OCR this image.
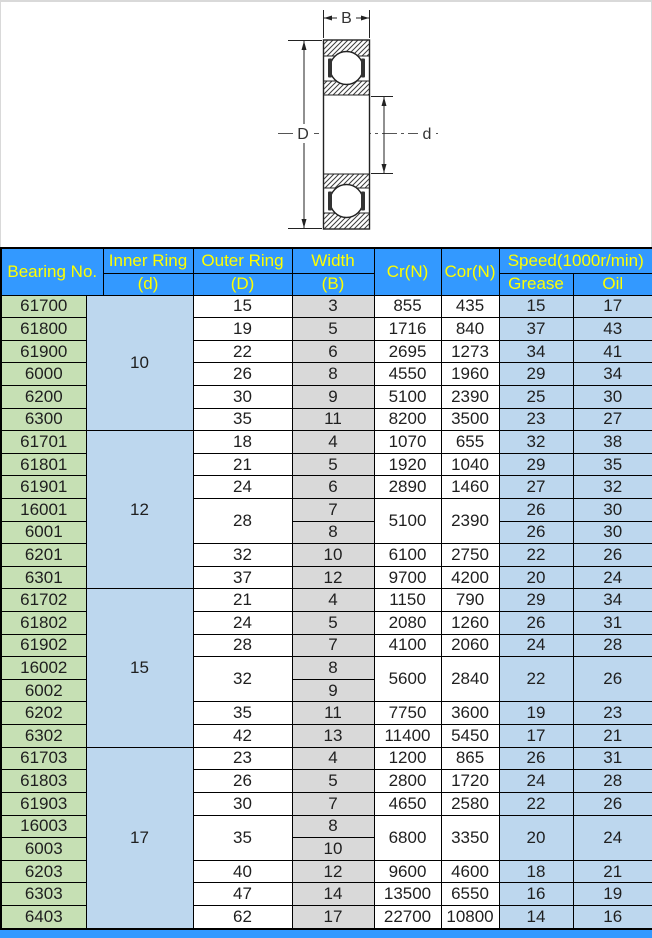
B
D	d
Bearing No.		Inner Ring	Outer Ring	Width	Cr(N)	Cor(N)	Speed(1000r/min)	
		(d)	(D)	(B)			Grease	Oil
61700	10		15	3	855	435	15	17
61800			19	5	1716	840	37	43
61900			22	6	2695	1273	34	41
6000			26	8	4550	1960	29	34
6200			30	9	5100	2390	25	30
6300			35	11	8200	3500	23	27
61701	12		18	4	1070	655	32	38
61801			21	5	1920	1040	29	35
61901			24	6	2890	1460	27	32
16001			28	7	5100	2390	26	30
6001				8			26	30
6201			32	10	6100	2750	22	26
6301			37	12	9700	4200	20	24
61702	15		21	4	1150	790	29	34
61802			24	5	2080	1260	26	31
61902			28	7	4100	2060	24	28
16002			32	8	5600	2840	22	26
6002				9				
6202			35	11	7750	3600	19	23
6302			42	13	11400	5450	17	21
61703	17		23	4	1200	865	26	31
61803			26	5	2800	1720	24	28
61903			30	7	4650	2580	22	26
16003			35	8	6800	3350	20	24
6003				10				
6203			40	12	9600	4600	18	21
6303			47	14	13500	6550	16	19
6403			62	17	22700	10800	14	16
